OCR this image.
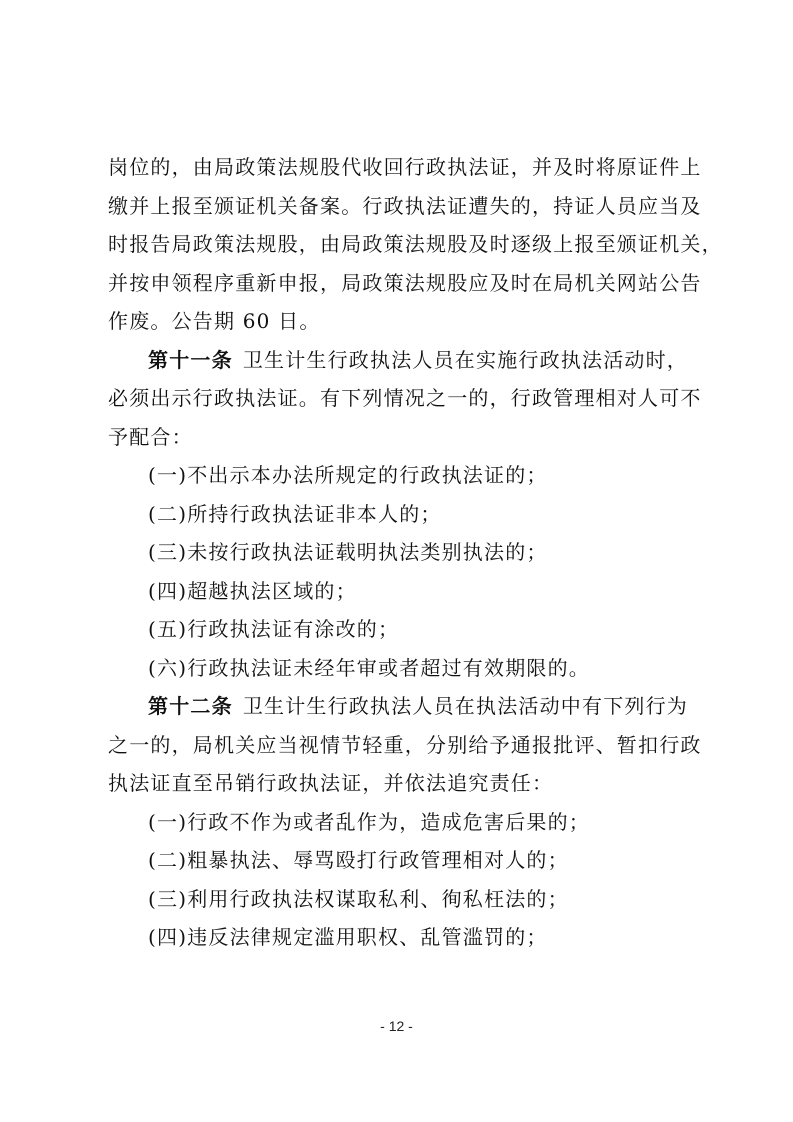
岗位的，由局政策法规股代收回行政执法证，并及时将原证件上
缴并上报至颁证机关备案。行政执法证遭失的，持证人员应当及
时报告局政策法规股，由局政策法规股及时逐级上报至颁证机关，
并按申领程序重新申报，局政策法规股应及时在局机关网站公告
作废。公告期 60 日。
第十一条 卫生计生行政执法人员在实施行政执法活动时，
必须出示行政执法证。有下列情况之一的，行政管理相对人可不
予配合：
(一)不出示本办法所规定的行政执法证的；
(二)所持行政执法证非本人的；
(三)未按行政执法证载明执法类别执法的；
(四)超越执法区域的；
(五)行政执法证有涂改的；
(六)行政执法证未经年审或者超过有效期限的。
第十二条 卫生计生行政执法人员在执法活动中有下列行为
之一的，局机关应当视情节轻重，分别给予通报批评、暂扣行政
执法证直至吊销行政执法证，并依法追究责任：
(一)行政不作为或者乱作为，造成危害后果的；
(二)粗暴执法、辱骂殴打行政管理相对人的；
(三)利用行政执法权谋取私利、徇私枉法的；
(四)违反法律规定滥用职权、乱管滥罚的；
- 12 -
